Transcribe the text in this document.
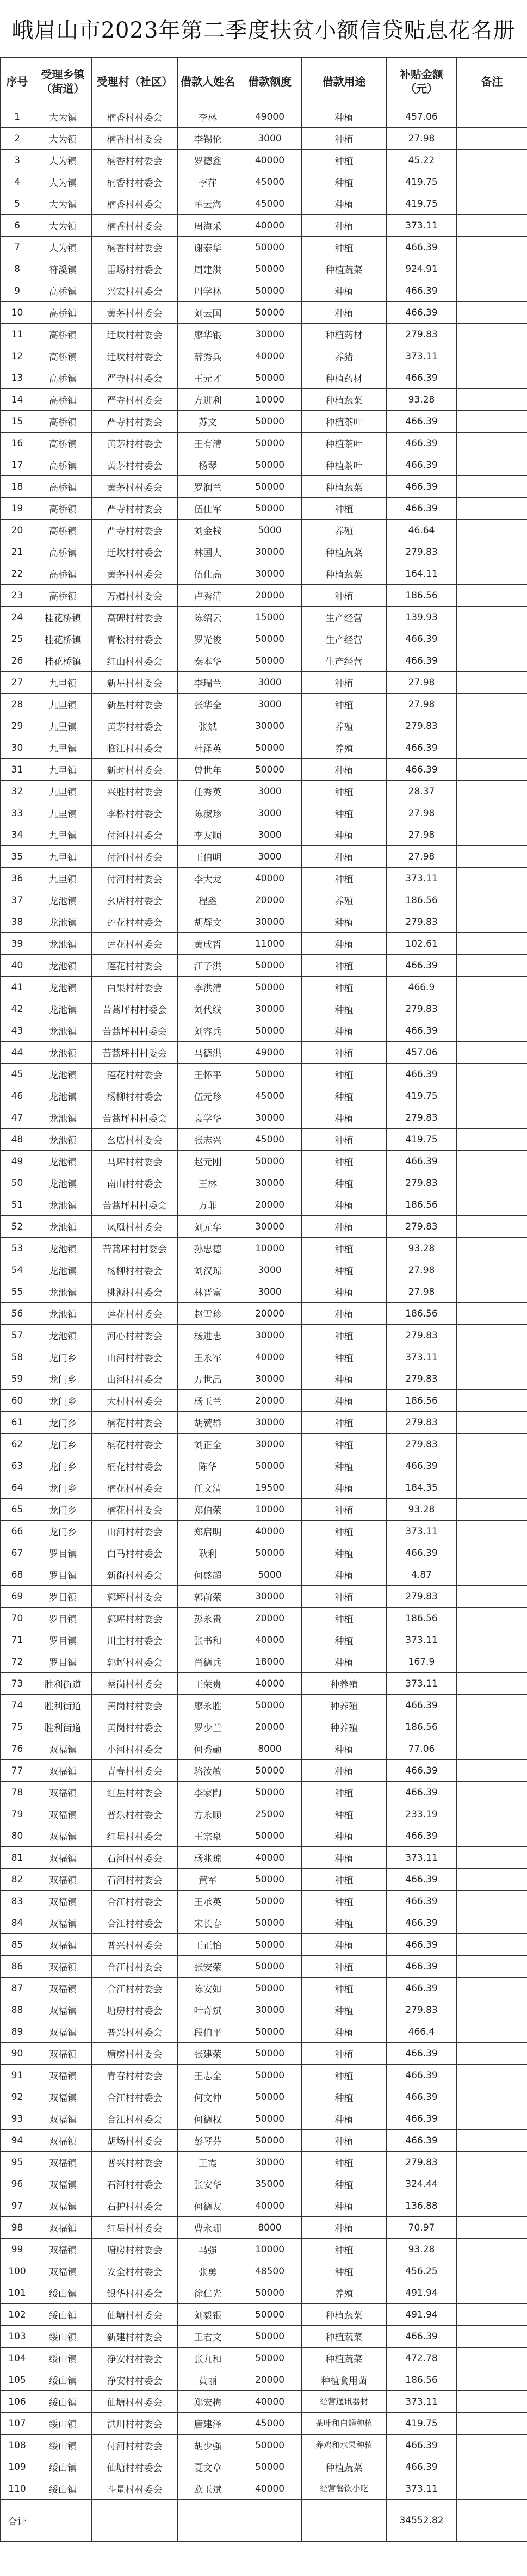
峨眉山市2023年第二季度扶贫小额信贷贴息花名册
序号	受理乡镇（街道）	受理村（社区）	借款人姓名	借款额度	借款用途	补贴金额（元）	备注
1	大为镇	楠香村村委会	李林	49000	种植	457.06	
2	大为镇	楠香村村委会	李锡伦	3000	种植	27.98	
3	大为镇	楠香村村委会	罗德鑫	40000	种植	45.22	
4	大为镇	楠香村村委会	李萍	45000	种植	419.75	
5	大为镇	楠香村村委会	董云海	45000	种植	419.75	
6	大为镇	楠香村村委会	周海采	40000	种植	373.11	
7	大为镇	楠香村村委会	谢泰华	50000	种植	466.39	
8	符溪镇	雷场村村委会	周建洪	50000	种植蔬菜	924.91	
9	高桥镇	兴宏村村委会	周学林	50000	种植	466.39	
10	高桥镇	黄茅村村委会	刘云国	50000	种植	466.39	
11	高桥镇	迁坎村村委会	廖华银	30000	种植药材	279.83	
12	高桥镇	迁坎村村委会	薛秀兵	40000	养猪	373.11	
13	高桥镇	严寺村村委会	王元才	50000	种植药材	466.39	
14	高桥镇	严寺村村委会	方进利	10000	种植蔬菜	93.28	
15	高桥镇	严寺村村委会	苏文	50000	种植茶叶	466.39	
16	高桥镇	黄茅村村委会	王有清	50000	种植茶叶	466.39	
17	高桥镇	黄茅村村委会	杨琴	50000	种植茶叶	466.39	
18	高桥镇	黄茅村村委会	罗润兰	50000	种植蔬菜	466.39	
19	高桥镇	严寺村村委会	伍仕军	50000	种植	466.39	
20	高桥镇	严寺村村委会	刘金栈	5000	养殖	46.64	
21	高桥镇	迁坎村村委会	林国大	30000	种植蔬菜	279.83	
22	高桥镇	黄茅村村委会	伍仕高	30000	种植蔬菜	164.11	
23	高桥镇	万疆村村委会	卢秀清	20000	种植	186.56	
24	桂花桥镇	高碑村村委会	陈绍云	15000	生产经营	139.93	
25	桂花桥镇	青松村村委会	罗光俊	50000	生产经营	466.39	
26	桂花桥镇	红山村村委会	秦本华	50000	生产经营	466.39	
27	九里镇	新星村村委会	李瑞兰	3000	种植	27.98	
28	九里镇	新星村村委会	张华全	3000	种植	27.98	
29	九里镇	黄茅村村委会	张斌	30000	养殖	279.83	
30	九里镇	临江村村委会	杜泽英	50000	养殖	466.39	
31	九里镇	新时村村委会	曾世年	50000	种植	466.39	
32	九里镇	兴胜村村委会	任秀英	3000	种植	28.37	
33	九里镇	李桥村村委会	陈淑珍	3000	种植	27.98	
34	九里镇	付河村村委会	李友顺	3000	种植	27.98	
35	九里镇	付河村村委会	王伯明	3000	种植	27.98	
36	九里镇	付河村村委会	李大龙	40000	种植	373.11	
37	龙池镇	幺店村村委会	程鑫	20000	养殖	186.56	
38	龙池镇	莲花村村委会	胡辉文	30000	种植	279.83	
39	龙池镇	莲花村村委会	黄成哲	11000	种植	102.61	
40	龙池镇	莲花村村委会	江子洪	50000	种植	466.39	
41	龙池镇	白果村村委会	李洪清	50000	种植	466.9	
42	龙池镇	苦蒿坪村村委会	刘代线	30000	种植	279.83	
43	龙池镇	苦蒿坪村村委会	刘容兵	50000	种植	466.39	
44	龙池镇	苦蒿坪村村委会	马德洪	49000	种植	457.06	
45	龙池镇	莲花村村委会	王怀平	50000	种植	466.39	
46	龙池镇	杨柳村村委会	伍元珍	45000	种植	419.75	
47	龙池镇	苦蒿坪村村委会	袁学华	30000	种植	279.83	
48	龙池镇	幺店村村委会	张志兴	45000	种植	419.75	
49	龙池镇	马坪村村委会	赵元刚	50000	种植	466.39	
50	龙池镇	南山村村委会	王林	30000	种植	279.83	
51	龙池镇	苦蒿坪村村委会	万菲	20000	种植	186.56	
52	龙池镇	凤凰村村委会	刘元华	30000	种植	279.83	
53	龙池镇	苦蒿坪村村委会	孙忠德	10000	种植	93.28	
54	龙池镇	杨柳村村委会	刘汉琼	3000	种植	27.98	
55	龙池镇	桃源村村委会	林晋富	3000	种植	27.98	
56	龙池镇	莲花村村委会	赵雪珍	20000	种植	186.56	
57	龙池镇	河心村村委会	杨进忠	30000	种植	279.83	
58	龙门乡	山河村村委会	王永军	40000	种植	373.11	
59	龙门乡	山河村村委会	万世品	30000	种植	279.83	
60	龙门乡	大村村村委会	杨玉兰	20000	种植	186.56	
61	龙门乡	楠花村村委会	胡赞群	30000	种植	279.83	
62	龙门乡	楠花村村委会	刘正全	30000	种植	279.83	
63	龙门乡	楠花村村委会	陈华	50000	种植	466.39	
64	龙门乡	楠花村村委会	任文清	19500	种植	184.35	
65	龙门乡	楠花村村委会	郑伯荣	10000	种植	93.28	
66	龙门乡	山河村村委会	郑启明	40000	种植	373.11	
67	罗目镇	白马村村委会	耿利	50000	种植	466.39	
68	罗目镇	新街村村委会	何盛超	5000	种植	4.87	
69	罗目镇	郭坪村村委会	郭前荣	30000	种植	279.83	
70	罗目镇	郭坪村村委会	彭永贵	20000	种植	186.56	
71	罗目镇	川主村村委会	张书和	40000	种植	373.11	
72	罗目镇	郭坪村村委会	肖德兵	18000	种植	167.9	
73	胜利街道	蔡岗村村委会	王荣贵	40000	种养殖	373.11	
74	胜利街道	黄岗村村委会	廖永胜	50000	种养殖	466.39	
75	胜利街道	黄岗村村委会	罗少兰	20000	种养殖	186.56	
76	双福镇	小河村村委会	何秀勤	8000	种植	77.06	
77	双福镇	青春村村委会	骆汝敏	50000	种植	466.39	
78	双福镇	红星村村委会	李家陶	50000	种植	466.39	
79	双福镇	普乐村村委会	方永顺	25000	种植	233.19	
80	双福镇	红星村村委会	王宗泉	50000	种植	466.39	
81	双福镇	石河村村委会	杨兆琼	40000	种植	373.11	
82	双福镇	石河村村委会	黄军	50000	种植	466.39	
83	双福镇	合江村村委会	王承英	50000	种植	466.39	
84	双福镇	合江村村委会	宋长春	50000	种植	466.39	
85	双福镇	普兴村村委会	王正怡	50000	种植	466.39	
86	双福镇	合江村村委会	张安荣	50000	种植	466.39	
87	双福镇	合江村村委会	陈安如	50000	种植	466.39	
88	双福镇	塘房村村委会	叶奇斌	30000	种植	279.83	
89	双福镇	普兴村村委会	段伯平	50000	种植	466.4	
90	双福镇	塘房村村委会	张建荣	50000	种植	466.39	
91	双福镇	青春村村委会	王志全	50000	种植	466.39	
92	双福镇	合江村村委会	何文仲	50000	种植	466.39	
93	双福镇	合江村村委会	何德权	50000	种植	466.39	
94	双福镇	胡场村村委会	彭琴芬	50000	种植	466.39	
95	双福镇	普兴村村委会	王霞	30000	种植	279.83	
96	双福镇	石河村村委会	张安华	35000	种植	324.44	
97	双福镇	石护村村委会	何德友	40000	种植	136.88	
98	双福镇	红星村村委会	曹永珊	8000	种植	70.97	
99	双福镇	塘房村村委会	马强	10000	种植	93.28	
100	双福镇	安全村村委会	张勇	48500	种植	456.25	
101	绥山镇	银华村村委会	徐仁光	50000	养殖	491.94	
102	绥山镇	仙塘村村委会	刘毅银	50000	种植蔬菜	491.94	
103	绥山镇	新建村村委会	王君文	50000	种植蔬菜	466.39	
104	绥山镇	净安村村委会	张九和	50000	种植蔬菜	472.78	
105	绥山镇	净安村村委会	黄丽	20000	种植食用菌	186.56	
106	绥山镇	仙塘村村委会	郑宏梅	40000	经营通讯器材	373.11	
107	绥山镇	洪川村村委会	唐建泽	45000	茶叶和白鳝种植	419.75	
108	绥山镇	付河村村委会	胡少强	50000	养鸡和水果种植	466.39	
109	绥山镇	仙塘村村委会	夏文章	50000	种植蔬菜	466.39	
110	绥山镇	斗量村村委会	欧玉斌	40000	经营餐饮小吃	373.11	
合计						34552.82	
